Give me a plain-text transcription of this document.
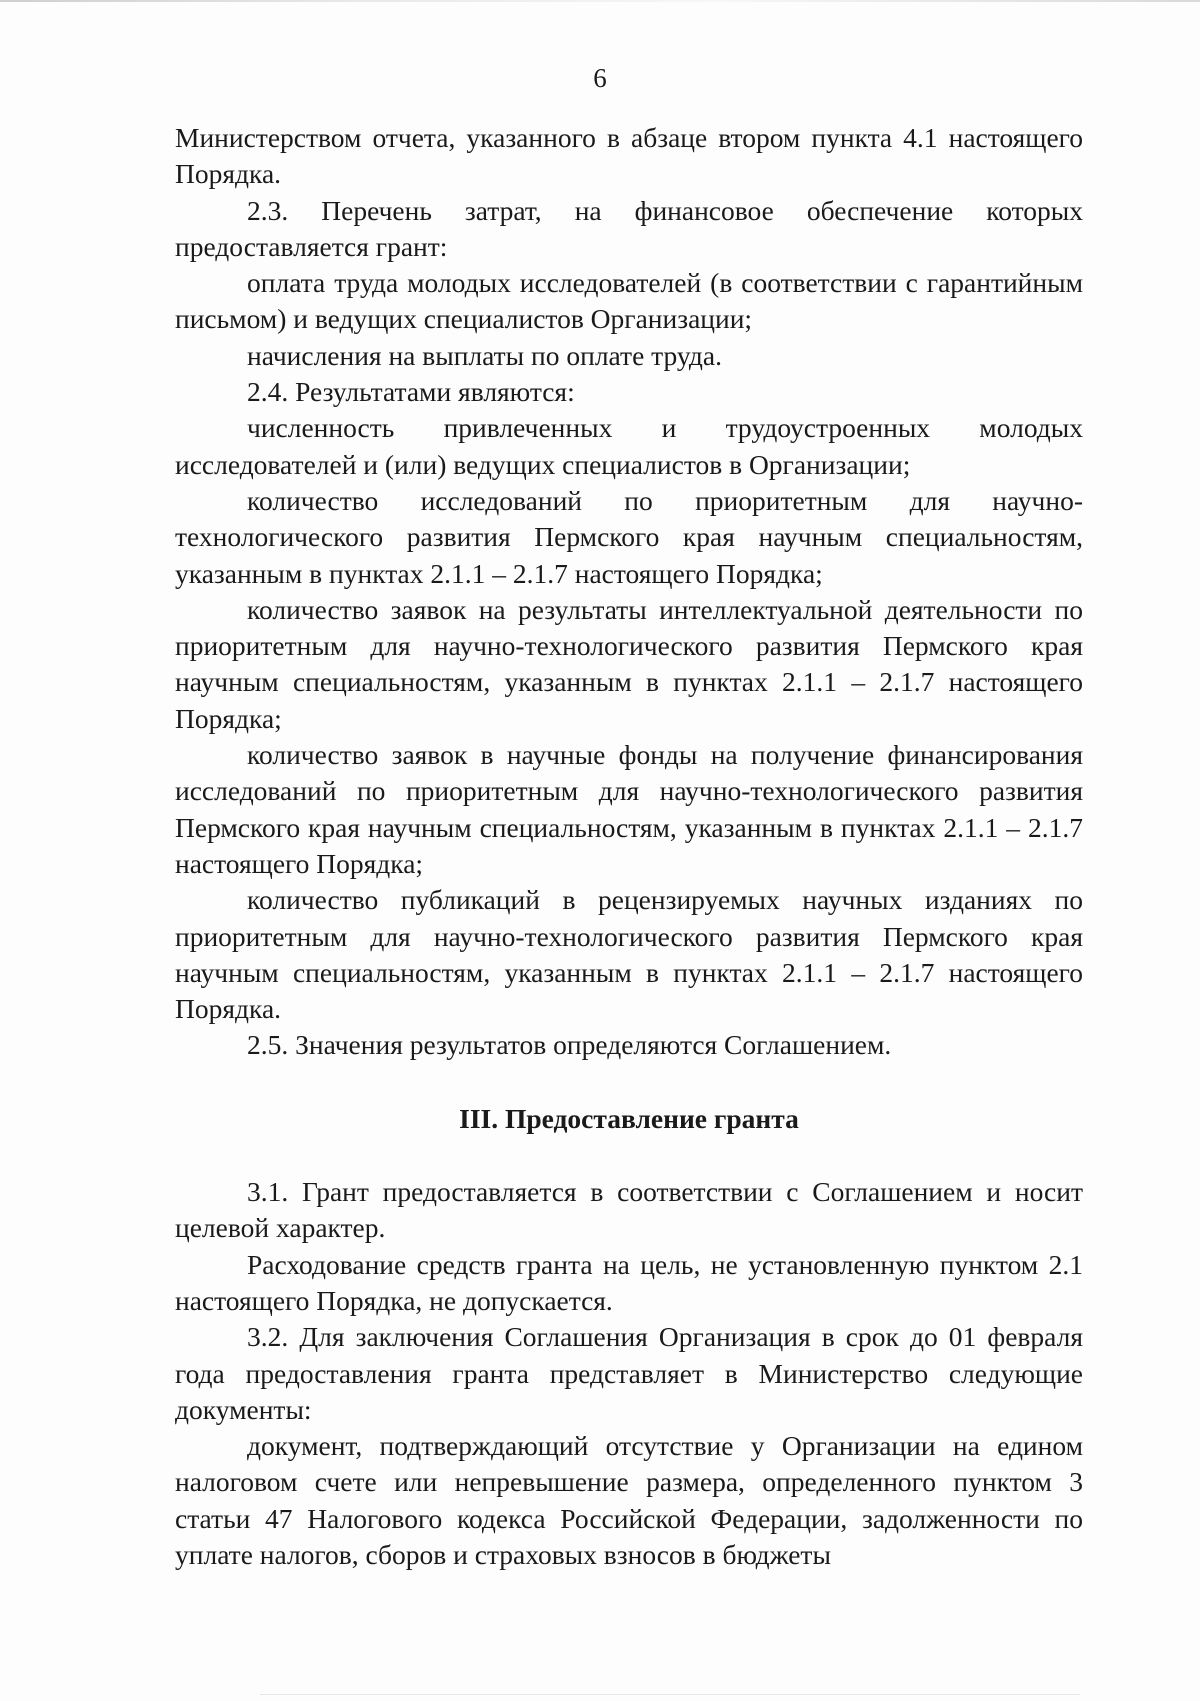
6

Министерством отчета, указанного в абзаце втором пункта 4.1 настоящего Порядка.

2.3. Перечень затрат, на финансовое обеспечение которых предоставляется грант:

оплата труда молодых исследователей (в соответствии с гарантийным письмом) и ведущих специалистов Организации;

начисления на выплаты по оплате труда.

2.4. Результатами являются:

численность привлеченных и трудоустроенных молодых исследователей и (или) ведущих специалистов в Организации;

количество исследований по приоритетным для научно-технологического развития Пермского края научным специальностям, указанным в пунктах 2.1.1 – 2.1.7 настоящего Порядка;

количество заявок на результаты интеллектуальной деятельности по приоритетным для научно-технологического развития Пермского края научным специальностям, указанным в пунктах 2.1.1 – 2.1.7 настоящего Порядка;

количество заявок в научные фонды на получение финансирования исследований по приоритетным для научно-технологического развития Пермского края научным специальностям, указанным в пунктах 2.1.1 – 2.1.7 настоящего Порядка;

количество публикаций в рецензируемых научных изданиях по приоритетным для научно-технологического развития Пермского края научным специальностям, указанным в пунктах 2.1.1 – 2.1.7 настоящего Порядка.

2.5. Значения результатов определяются Соглашением.

III. Предоставление гранта

3.1. Грант предоставляется в соответствии с Соглашением и носит целевой характер.

Расходование средств гранта на цель, не установленную пунктом 2.1 настоящего Порядка, не допускается.

3.2. Для заключения Соглашения Организация в срок до 01 февраля года предоставления гранта представляет в Министерство следующие документы:

документ, подтверждающий отсутствие у Организации на едином налоговом счете или непревышение размера, определенного пунктом 3 статьи 47 Налогового кодекса Российской Федерации, задолженности по уплате налогов, сборов и страховых взносов в бюджеты
